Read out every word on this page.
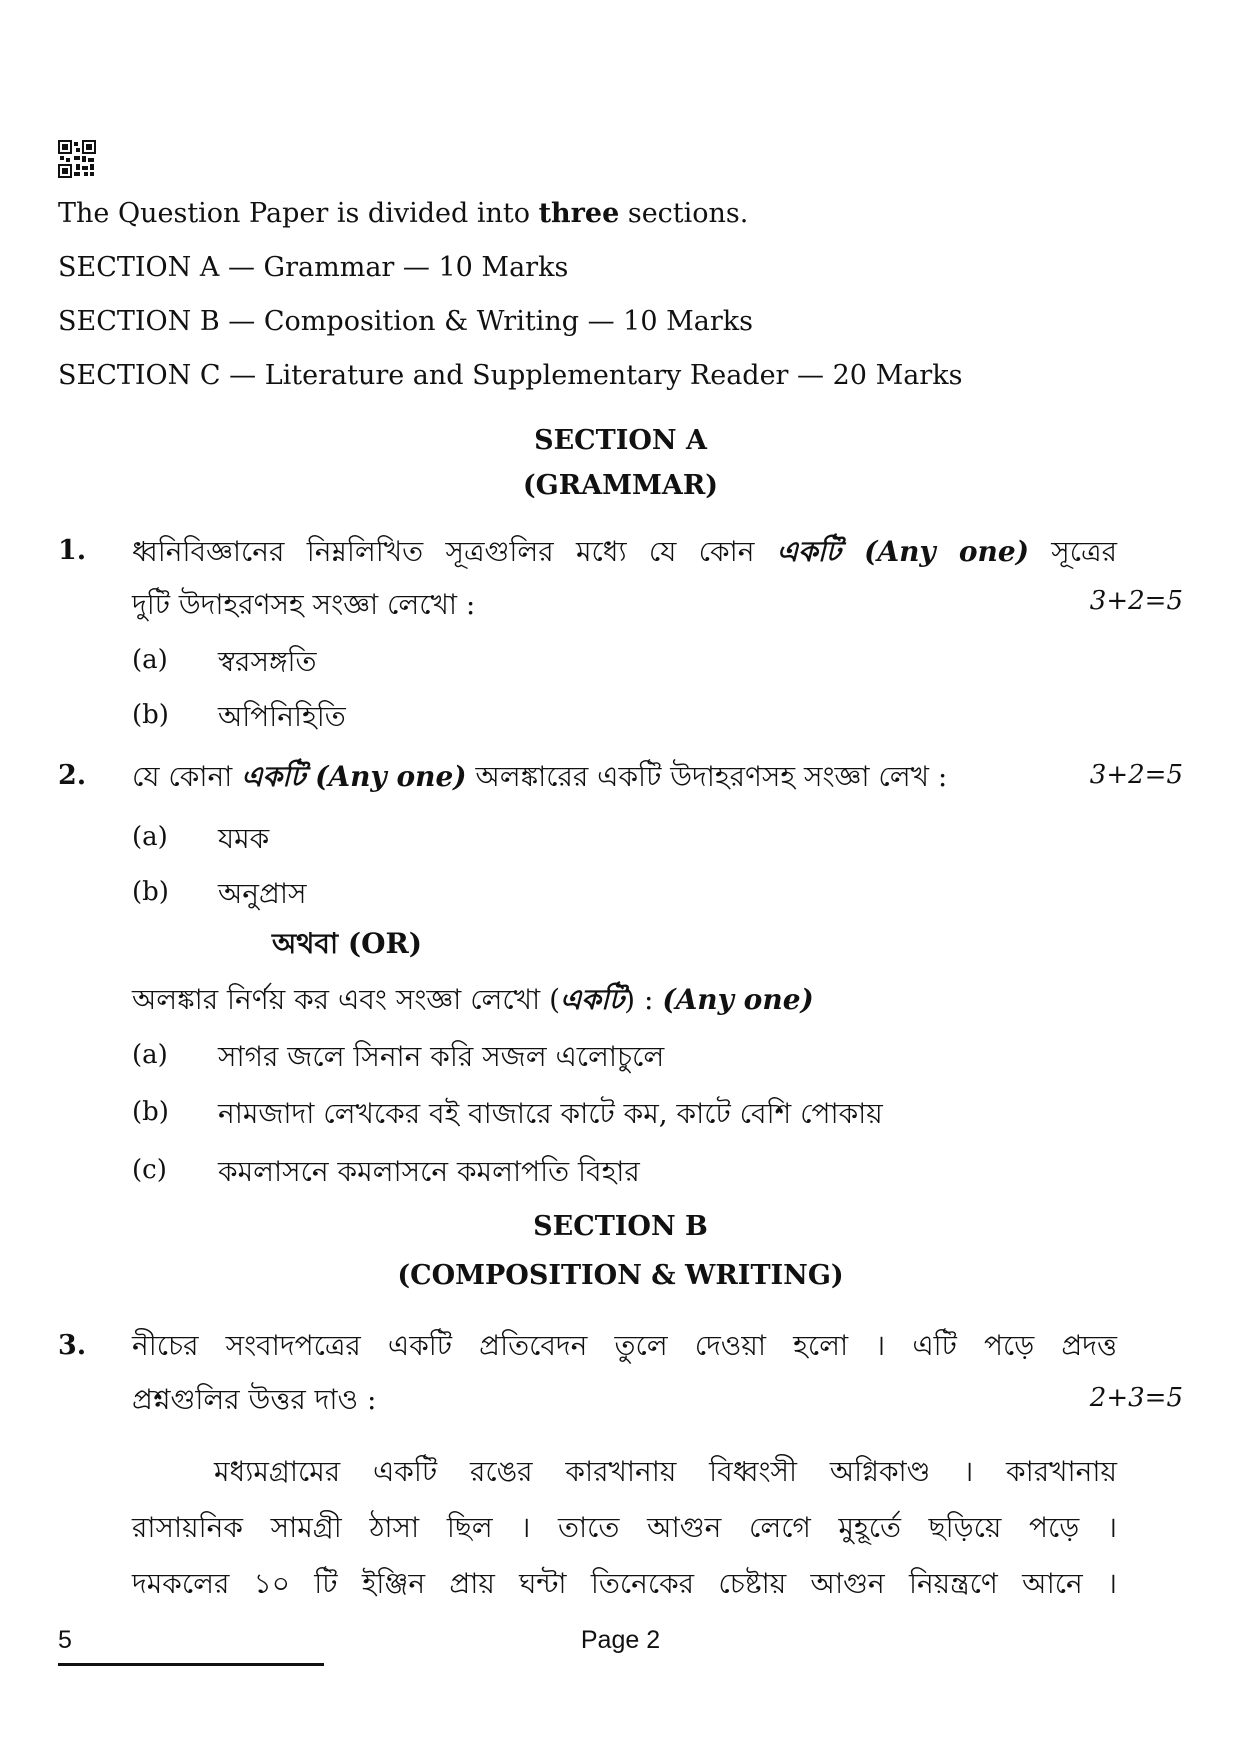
The Question Paper is divided into three sections.
SECTION A — Grammar — 10 Marks
SECTION B — Composition & Writing — 10 Marks
SECTION C — Literature and Supplementary Reader — 20 Marks
SECTION A
(GRAMMAR)
1. ধ্বনিবিজ্ঞানের নিম্নলিখিত সূত্রগুলির মধ্যে যে কোন একটি (Any one) সূত্রের
দুটি উদাহরণসহ সংজ্ঞা লেখো :	3+2=5
(a) স্বরসঙ্গতি
(b) অপিনিহিতি
2. যে কোনা একটি (Any one) অলঙ্কারের একটি উদাহরণসহ সংজ্ঞা লেখ :	3+2=5
(a) যমক
(b) অনুপ্রাস
অথবা (OR)
অলঙ্কার নির্ণয় কর এবং সংজ্ঞা লেখো (একটি) : (Any one)
(a) সাগর জলে সিনান করি সজল এলোচুলে
(b) নামজাদা লেখকের বই বাজারে কাটে কম, কাটে বেশি পোকায়
(c) কমলাসনে কমলাসনে কমলাপতি বিহার
SECTION B
(COMPOSITION & WRITING)
3. নীচের সংবাদপত্রের একটি প্রতিবেদন তুলে দেওয়া হলো । এটি পড়ে প্রদত্ত
প্রশ্নগুলির উত্তর দাও :	2+3=5
মধ্যমগ্রামের একটি রঙের কারখানায় বিধ্বংসী অগ্নিকাণ্ড । কারখানায়
রাসায়নিক সামগ্রী ঠাসা ছিল । তাতে আগুন লেগে মুহূর্তে ছড়িয়ে পড়ে ।
দমকলের ১০ টি ইঞ্জিন প্রায় ঘন্টা তিনেকের চেষ্টায় আগুন নিয়ন্ত্রণে আনে ।
5	Page 2
